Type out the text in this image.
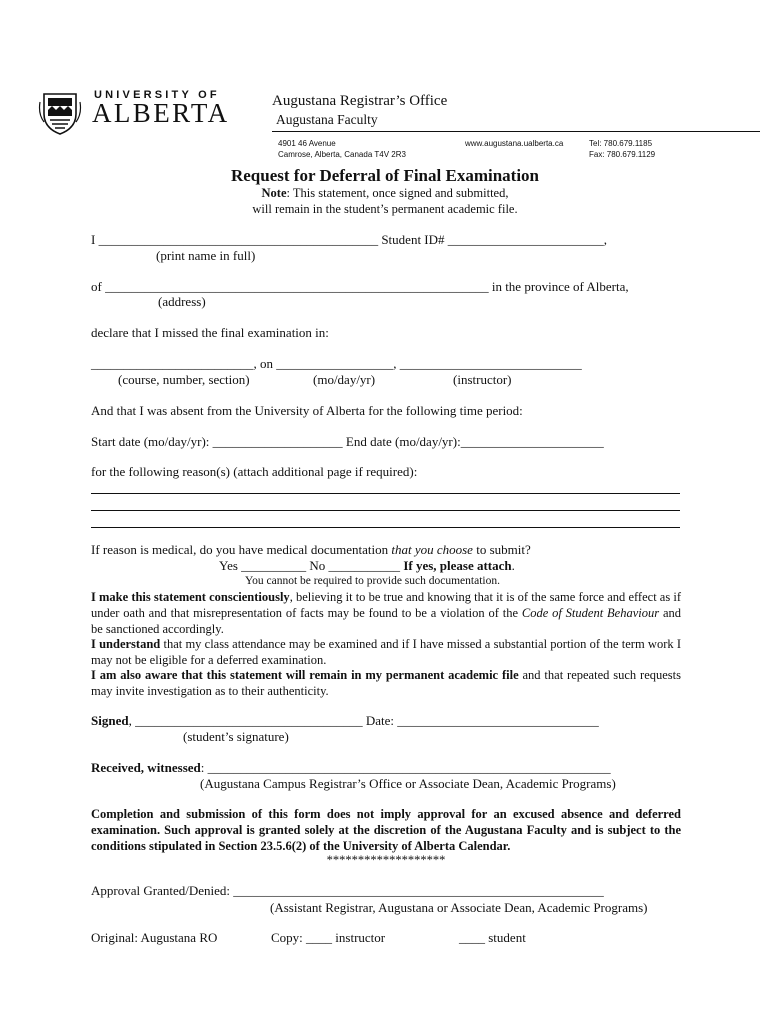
UNIVERSITY OF
ALBERTA	Augustana Registrar’s Office
Augustana Faculty
4901 46 Avenue
Camrose, Alberta, Canada T4V 2R3
www.augustana.ualberta.ca	Tel: 780.679.1185
Fax: 780.679.1129
Request for Deferral of Final Examination
Note: This statement, once signed and submitted,
will remain in the student’s permanent academic file.
I ___________________________________________ Student ID# ________________________,
(print name in full)
of ___________________________________________________________ in the province of Alberta,
(address)
declare that I missed the final examination in:
_________________________, on __________________, ____________________________
(course, number, section)	(mo/day/yr)	(instructor)
And that I was absent from the University of Alberta for the following time period:
Start date (mo/day/yr): ____________________ End date (mo/day/yr):______________________
for the following reason(s) (attach additional page if required):
If reason is medical, do you have medical documentation that you choose to submit?
Yes __________ No ___________ If yes, please attach.
You cannot be required to provide such documentation.
I make this statement conscientiously, believing it to be true and knowing that it is of the same force and effect as if under oath and that misrepresentation of facts may be found to be a violation of the Code of Student Behaviour and be sanctioned accordingly.
I understand that my class attendance may be examined and if I have missed a substantial portion of the term work I may not be eligible for a deferred examination.
I am also aware that this statement will remain in my permanent academic file and that repeated such requests may invite investigation as to their authenticity.
Signed, ___________________________________ Date: _______________________________
(student’s signature)
Received, witnessed: ______________________________________________________________
(Augustana Campus Registrar’s Office or Associate Dean, Academic Programs)
Completion and submission of this form does not imply approval for an excused absence and deferred examination. Such approval is granted solely at the discretion of the Augustana Faculty and is subject to the conditions stipulated in Section 23.5.6(2) of the University of Alberta Calendar.
*******************
Approval Granted/Denied: _________________________________________________________
(Assistant Registrar, Augustana or Associate Dean, Academic Programs)
Original: Augustana RO	Copy: ____ instructor	____ student
